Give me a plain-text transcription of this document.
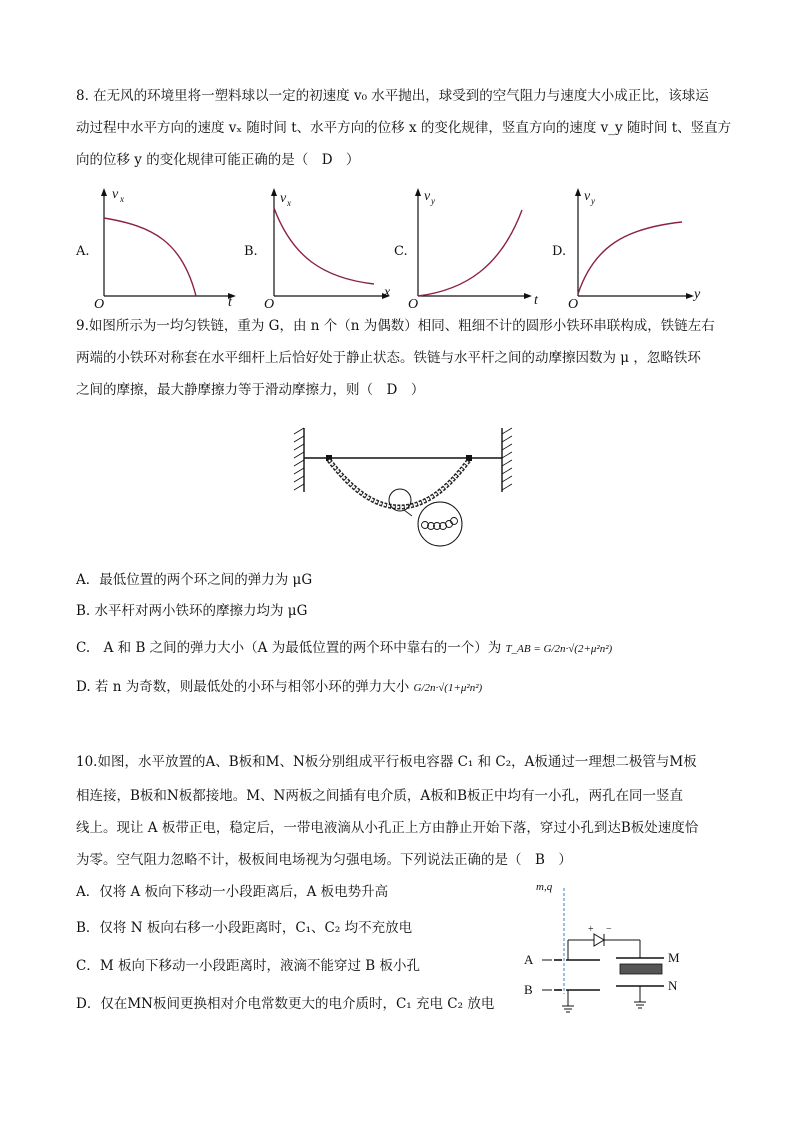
8. 在无风的环境里将一塑料球以一定的初速度 v₀ 水平抛出，球受到的空气阻力与速度大小成正比，该球运
动过程中水平方向的速度 vₓ 随时间 t、水平方向的位移 x 的变化规律，竖直方向的速度 v_y 随时间 t、竖直方
向的位移 y 的变化规律可能正确的是（　D　）
A.
v x
t
O
B.
v x
x
O
C.
v y
t
O
D.
v y
y
O
9.如图所示为一均匀铁链，重为 G，由 n 个（n 为偶数）相同、粗细不计的圆形小铁环串联构成，铁链左右
两端的小铁环对称套在水平细杆上后恰好处于静止状态。铁链与水平杆之间的动摩擦因数为 μ ，忽略铁环
之间的摩擦，最大静摩擦力等于滑动摩擦力，则（　D　）
A．最低位置的两个环之间的弹力为 μG
B. 水平杆对两小铁环的摩擦力均为 μG
C.　A 和 B 之间的弹力大小（A 为最低位置的两个环中靠右的一个）为 T_AB = G/2n·√(2+μ²n²)
D. 若 n 为奇数，则最低处的小环与相邻小环的弹力大小 G/2n·√(1+μ²n²)
10.如图，水平放置的A、B板和M、N板分别组成平行板电容器 C₁ 和 C₂，A板通过一理想二极管与M板
相连接，B板和N板都接地。M、N两板之间插有电介质，A板和B板正中均有一小孔，两孔在同一竖直
线上。现让 A 板带正电，稳定后，一带电液滴从小孔正上方由静止开始下落，穿过小孔到达B板处速度恰
为零。空气阻力忽略不计，极板间电场视为匀强电场。下列说法正确的是（　B　）
A．仅将 A 板向下移动一小段距离后，A 板电势升高
B．仅将 N 板向右移一小段距离时，C₁、C₂ 均不充放电
C．M 板向下移动一小段距离时，液滴不能穿过 B 板小孔
D．仅在MN板间更换相对介电常数更大的电介质时，C₁ 充电 C₂ 放电
m,q
A
B
+ −
M
N
